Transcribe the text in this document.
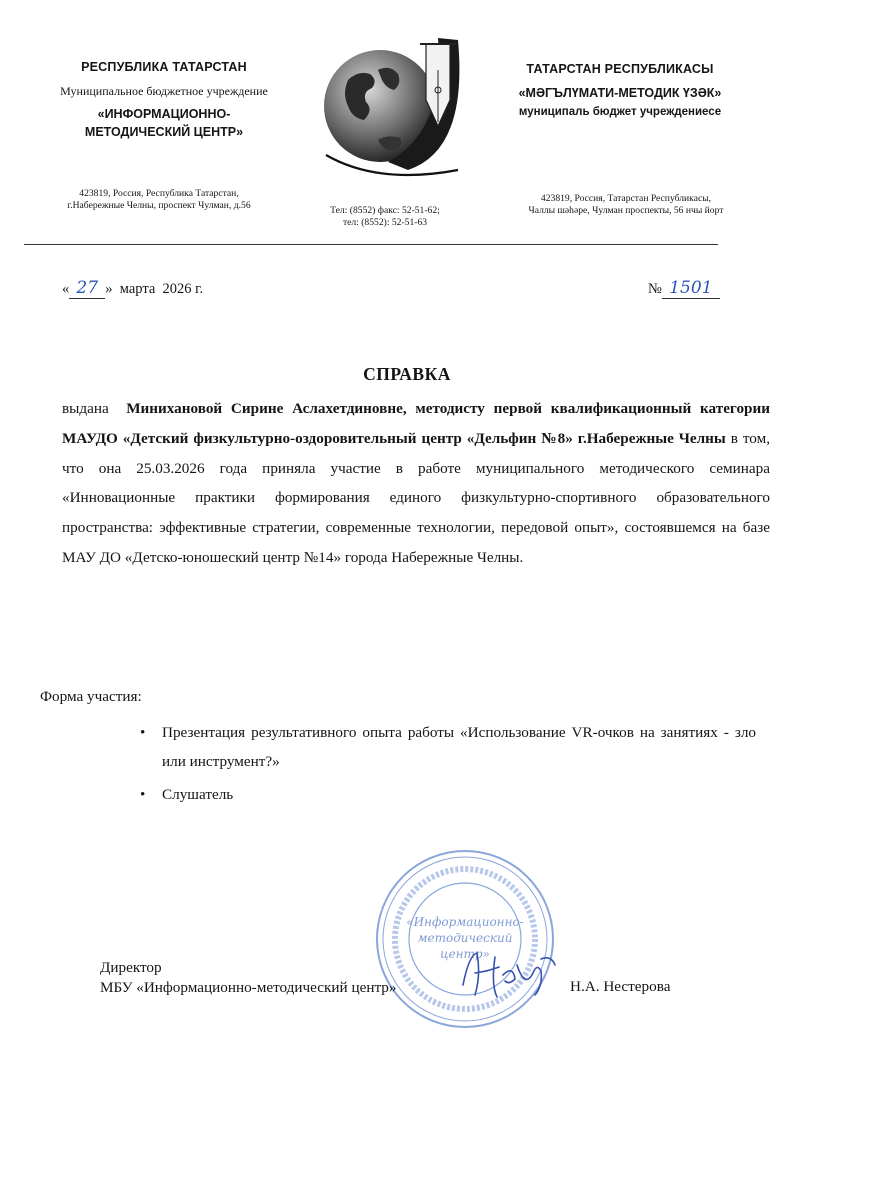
РЕСПУБЛИКА ТАТАРСТАН
Муниципальное бюджетное учреждение
«ИНФОРМАЦИОННО-
МЕТОДИЧЕСКИЙ ЦЕНТР»
423819, Россия, Республика Татарстан,
г.Набережные Челны, проспект Чулман, д.56	Тел: (8552) факс: 52-51-62;
тел: (8552): 52-51-63
ТАТАРСТАН РЕСПУБЛИКАСЫ
«МӘГЪЛҮМАТИ-МЕТОДИК ҮЗӘК»
муниципаль бюджет учреждениесе
423819, Россия, Татарстан Республикасы,
Чаллы шәһәре, Чулман проспекты, 56 нчы йорт
« 27 »  марта  2026 г.	№ 1501
СПРАВКА
выдана  Минихановой Сирине Аслахетдиновне, методисту первой квалификационный категории МАУДО «Детский физкультурно-оздоровительный центр «Дельфин №8» г.Набережные Челны в том, что она 25.03.2026 года приняла участие в работе муниципального методического семинара «Инновационные практики формирования единого физкультурно-спортивного образовательного пространства: эффективные стратегии, современные технологии, передовой опыт», состоявшемся на базе МАУ ДО «Детско-юношеский центр №14» города Набережные Челны.
Форма участия:
• Презентация результативного опыта работы «Использование VR-очков на занятиях - зло или инструмент?»
• Слушатель
«Информационно-
методический
центр»
Директор
МБУ «Информационно-методический центр»	Н.А. Нестерова
